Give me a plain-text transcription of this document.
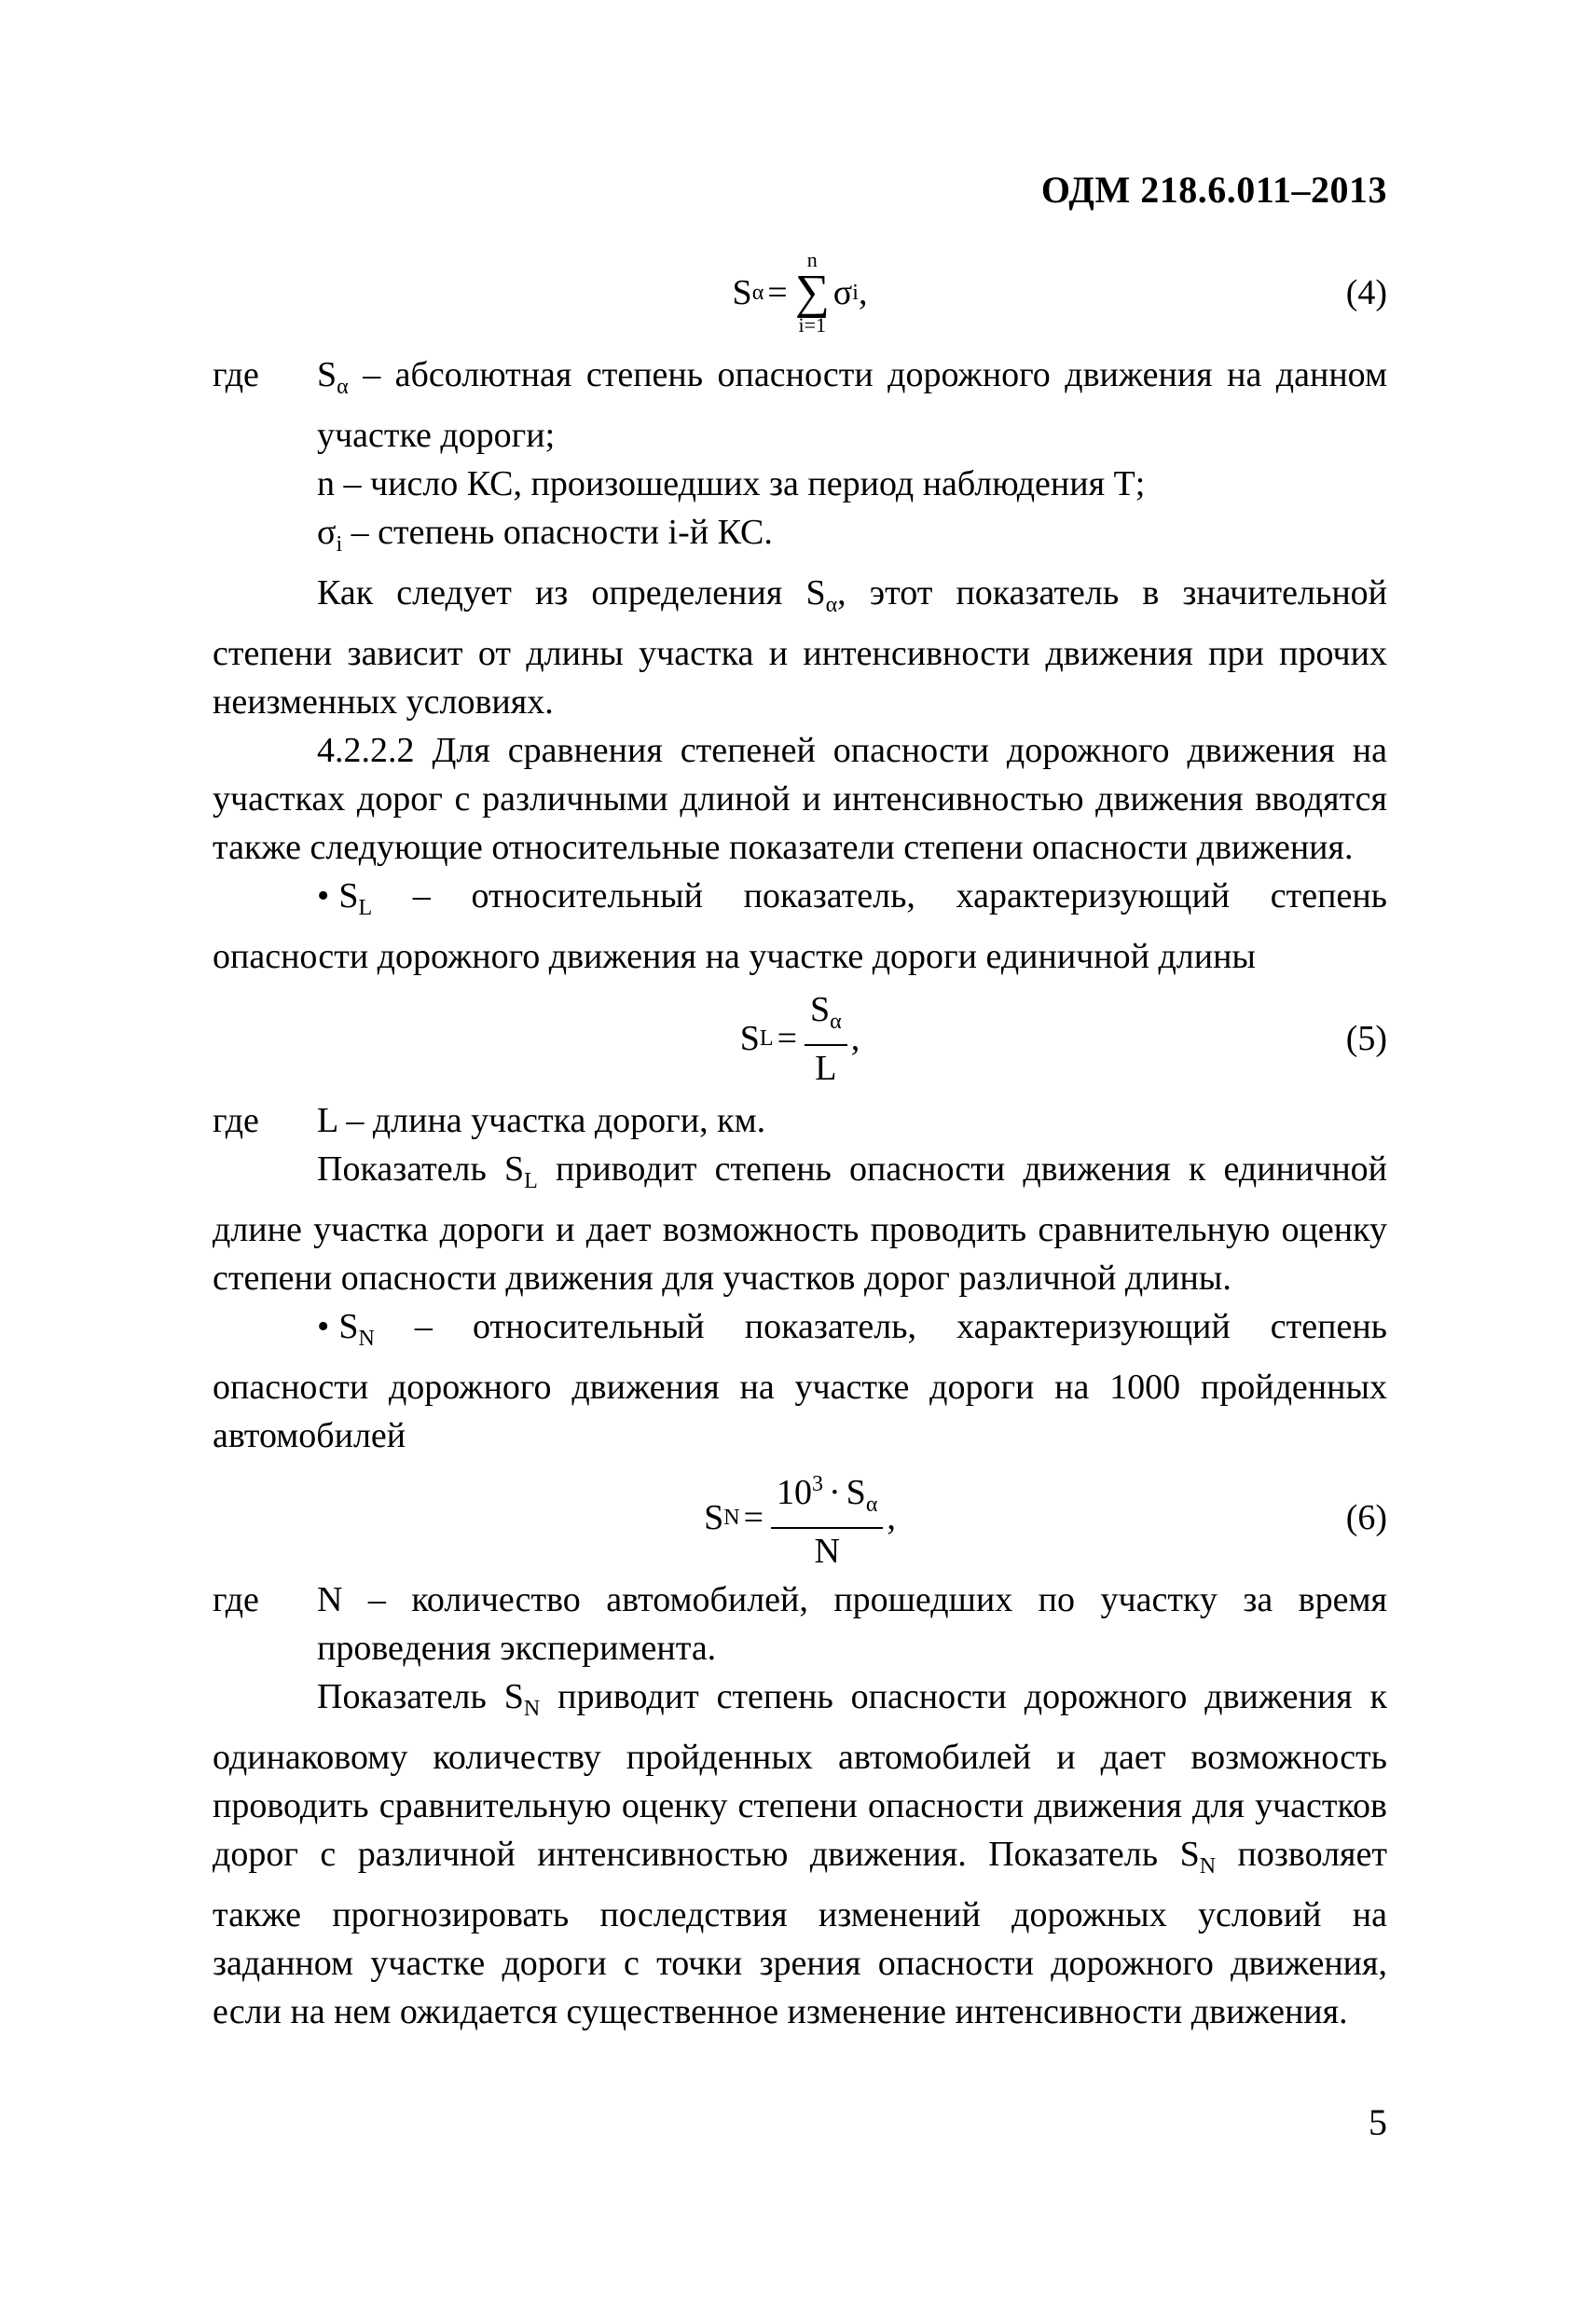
ОДМ 218.6.011–2013
S α =
n
∑
i=1
σ i ,	(4)
где	$S_\alpha$ – абсолютная степень опасности дорожного движения на данном участке дороги;

n – число КС, произошедших за период наблюдения Т;

$\sigma_i$ – степень опасности i-й КС.

Как следует из определения $S_\alpha$, этот показатель в значительной степени зависит от длины участка и интенсивности движения при прочих неизменных условиях.

4.2.2.2 Для сравнения степеней опасности дорожного движения на участках дорог с различными длиной и интенсивностью движения вводятся также следующие относительные показатели степени опасности движения.

• $S_L$ – относительный показатель, характеризующий степень опасности дорожного движения на участке дороги единичной длины

S $L = \frac{S_\alpha}{L}$ ,	(5)
где	L – длина участка дороги, км.

Показатель $S_L$ приводит степень опасности движения к единичной длине участка дороги и дает возможность проводить сравнительную оценку степени опасности движения для участков дорог различной длины.

• $S_N$ – относительный показатель, характеризующий степень опасности дорожного движения на участке дороги на 1000 пройденных автомобилей

S $N = \frac{10^3 \cdot S_\alpha}{N}$ ,	(6)
где	N – количество автомобилей, прошедших по участку за время проведения эксперимента.

Показатель $S_N$ приводит степень опасности дорожного движения к одинаковому количеству пройденных автомобилей и дает возможность проводить сравнительную оценку степени опасности движения для участков дорог с различной интенсивностью движения. Показатель $S_N$ позволяет также прогнозировать последствия изменений дорожных условий на заданном участке дороги с точки зрения опасности дорожного движения, если на нем ожидается существенное изменение интенсивности движения.

5
